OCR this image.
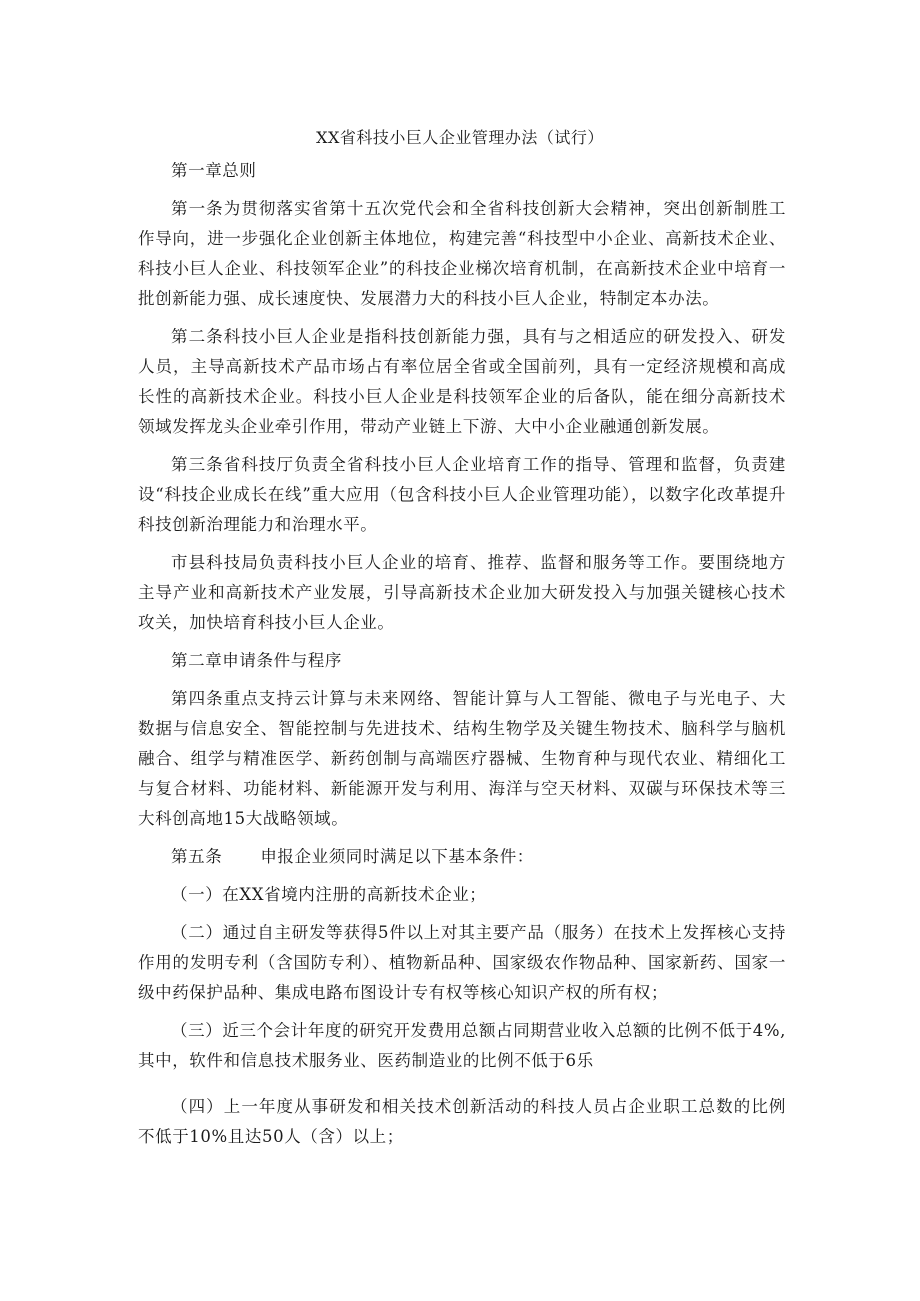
XX省科技小巨人企业管理办法（试行）

第一章总则

第一条为贯彻落实省第十五次党代会和全省科技创新大会精神，突出创新制胜工作导向，进一步强化企业创新主体地位，构建完善“科技型中小企业、高新技术企业、科技小巨人企业、科技领军企业”的科技企业梯次培育机制，在高新技术企业中培育一批创新能力强、成长速度快、发展潜力大的科技小巨人企业，特制定本办法。

第二条科技小巨人企业是指科技创新能力强，具有与之相适应的研发投入、研发人员，主导高新技术产品市场占有率位居全省或全国前列，具有一定经济规模和高成长性的高新技术企业。科技小巨人企业是科技领军企业的后备队，能在细分高新技术领域发挥龙头企业牵引作用，带动产业链上下游、大中小企业融通创新发展。

第三条省科技厅负责全省科技小巨人企业培育工作的指导、管理和监督，负责建设“科技企业成长在线”重大应用（包含科技小巨人企业管理功能），以数字化改革提升科技创新治理能力和治理水平。

市县科技局负责科技小巨人企业的培育、推荐、监督和服务等工作。要围绕地方主导产业和高新技术产业发展，引导高新技术企业加大研发投入与加强关键核心技术攻关，加快培育科技小巨人企业。

第二章申请条件与程序

第四条重点支持云计算与未来网络、智能计算与人工智能、微电子与光电子、大数据与信息安全、智能控制与先进技术、结构生物学及关键生物技术、脑科学与脑机融合、组学与精准医学、新药创制与高端医疗器械、生物育种与现代农业、精细化工与复合材料、功能材料、新能源开发与利用、海洋与空天材料、双碳与环保技术等三大科创高地15大战略领域。

第五条 申报企业须同时满足以下基本条件：

（一）在XX省境内注册的高新技术企业；

（二）通过自主研发等获得5件以上对其主要产品（服务）在技术上发挥核心支持作用的发明专利（含国防专利）、植物新品种、国家级农作物品种、国家新药、国家一级中药保护品种、集成电路布图设计专有权等核心知识产权的所有权；

（三）近三个会计年度的研究开发费用总额占同期营业收入总额的比例不低于4%,其中，软件和信息技术服务业、医药制造业的比例不低于6乐

（四）上一年度从事研发和相关技术创新活动的科技人员占企业职工总数的比例不低于10%且达50人（含）以上；
